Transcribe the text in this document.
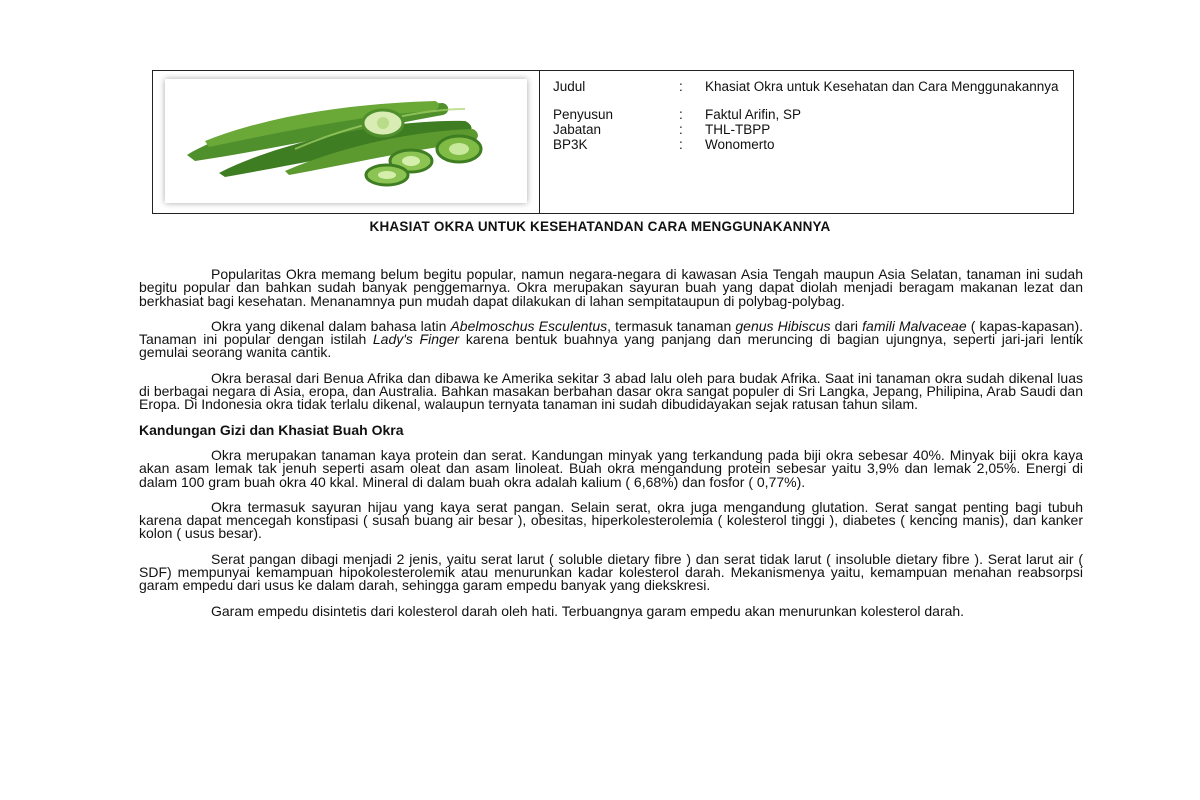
Judul	:	Khasiat Okra untuk Kesehatan dan Cara Menggunakannya
Penyusun	:	Faktul Arifin, SP
Jabatan	:	THL-TBPP
BP3K	:	Wonomerto
KHASIAT OKRA UNTUK KESEHATANDAN CARA MENGGUNAKANNYA

Popularitas Okra memang belum begitu popular, namun negara-negara di kawasan Asia Tengah maupun Asia Selatan, tanaman ini sudah begitu popular dan bahkan sudah banyak penggemarnya. Okra merupakan sayuran buah yang dapat diolah menjadi beragam makanan lezat dan berkhasiat bagi kesehatan. Menanamnya pun mudah dapat dilakukan di lahan sempitataupun di polybag-polybag.

Okra yang dikenal dalam bahasa latin Abelmoschus Esculentus, termasuk tanaman genus Hibiscus dari famili Malvaceae ( kapas-kapasan). Tanaman ini popular dengan istilah Lady's Finger karena bentuk buahnya yang panjang dan meruncing di bagian ujungnya, seperti jari-jari lentik gemulai seorang wanita cantik.

Okra berasal dari Benua Afrika dan dibawa ke Amerika sekitar 3 abad lalu oleh para budak Afrika. Saat ini tanaman okra sudah dikenal luas di berbagai negara di Asia, eropa, dan Australia. Bahkan masakan berbahan dasar okra sangat populer di Sri Langka, Jepang, Philipina, Arab Saudi dan Eropa. Di Indonesia okra tidak terlalu dikenal, walaupun ternyata tanaman ini sudah dibudidayakan sejak ratusan tahun silam.

Kandungan Gizi dan Khasiat Buah Okra

Okra merupakan tanaman kaya protein dan serat. Kandungan minyak yang terkandung pada biji okra sebesar 40%. Minyak biji okra kaya akan asam lemak tak jenuh seperti asam oleat dan asam linoleat. Buah okra mengandung protein sebesar yaitu 3,9% dan lemak 2,05%. Energi di dalam 100 gram buah okra 40 kkal. Mineral di dalam buah okra adalah kalium ( 6,68%) dan fosfor ( 0,77%).

Okra termasuk sayuran hijau yang kaya serat pangan. Selain serat, okra juga mengandung glutation. Serat sangat penting bagi tubuh karena dapat mencegah konstipasi ( susah buang air besar ), obesitas, hiperkolesterolemia ( kolesterol tinggi ), diabetes ( kencing manis), dan kanker kolon ( usus besar).

Serat pangan dibagi menjadi 2 jenis, yaitu serat larut ( soluble dietary fibre ) dan serat tidak larut ( insoluble dietary fibre ). Serat larut air ( SDF) mempunyai kemampuan hipokolesterolemik atau menurunkan kadar kolesterol darah. Mekanismenya yaitu, kemampuan menahan reabsorpsi garam empedu dari usus ke dalam darah, sehingga garam empedu banyak yang diekskresi.

Garam empedu disintetis dari kolesterol darah oleh hati. Terbuangnya garam empedu akan menurunkan kolesterol darah.
